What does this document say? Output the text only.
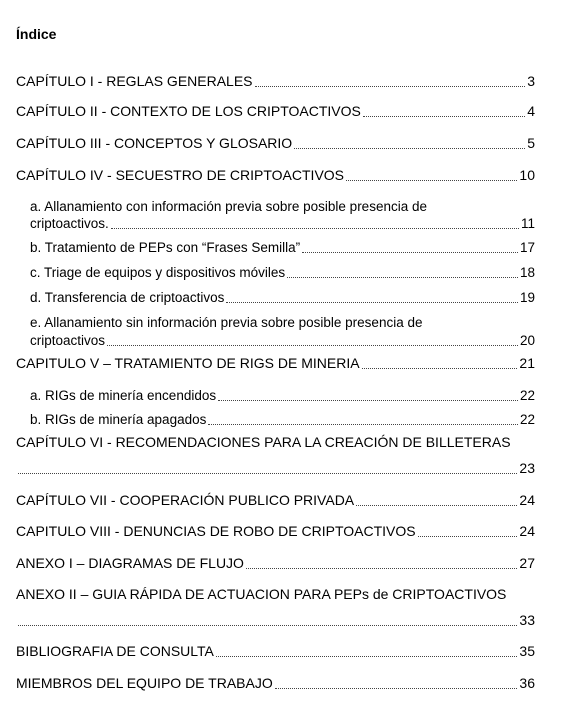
Índice
CAPÍTULO I - REGLAS GENERALES	3
CAPÍTULO II - CONTEXTO DE LOS CRIPTOACTIVOS	4
CAPÍTULO III - CONCEPTOS Y GLOSARIO	5
CAPÍTULO IV - SECUESTRO DE CRIPTOACTIVOS	10
a. Allanamiento con información previa sobre posible presencia de
criptoactivos.	11
b. Tratamiento de PEPs con “Frases Semilla”	17
c. Triage de equipos y dispositivos móviles	18
d. Transferencia de criptoactivos	19
e. Allanamiento sin información previa sobre posible presencia de
criptoactivos	20
CAPITULO V – TRATAMIENTO DE RIGS DE MINERIA	21
a. RIGs de minería encendidos	22
b. RIGs de minería apagados	22
CAPÍTULO VI - RECOMENDACIONES PARA LA CREACIÓN DE BILLETERAS
23
CAPÍTULO VII - COOPERACIÓN PUBLICO PRIVADA	24
CAPITULO VIII - DENUNCIAS DE ROBO DE CRIPTOACTIVOS	24
ANEXO I – DIAGRAMAS DE FLUJO	27
ANEXO II – GUIA RÁPIDA DE ACTUACION PARA PEPs de CRIPTOACTIVOS
33
BIBLIOGRAFIA DE CONSULTA	35
MIEMBROS DEL EQUIPO DE TRABAJO	36
